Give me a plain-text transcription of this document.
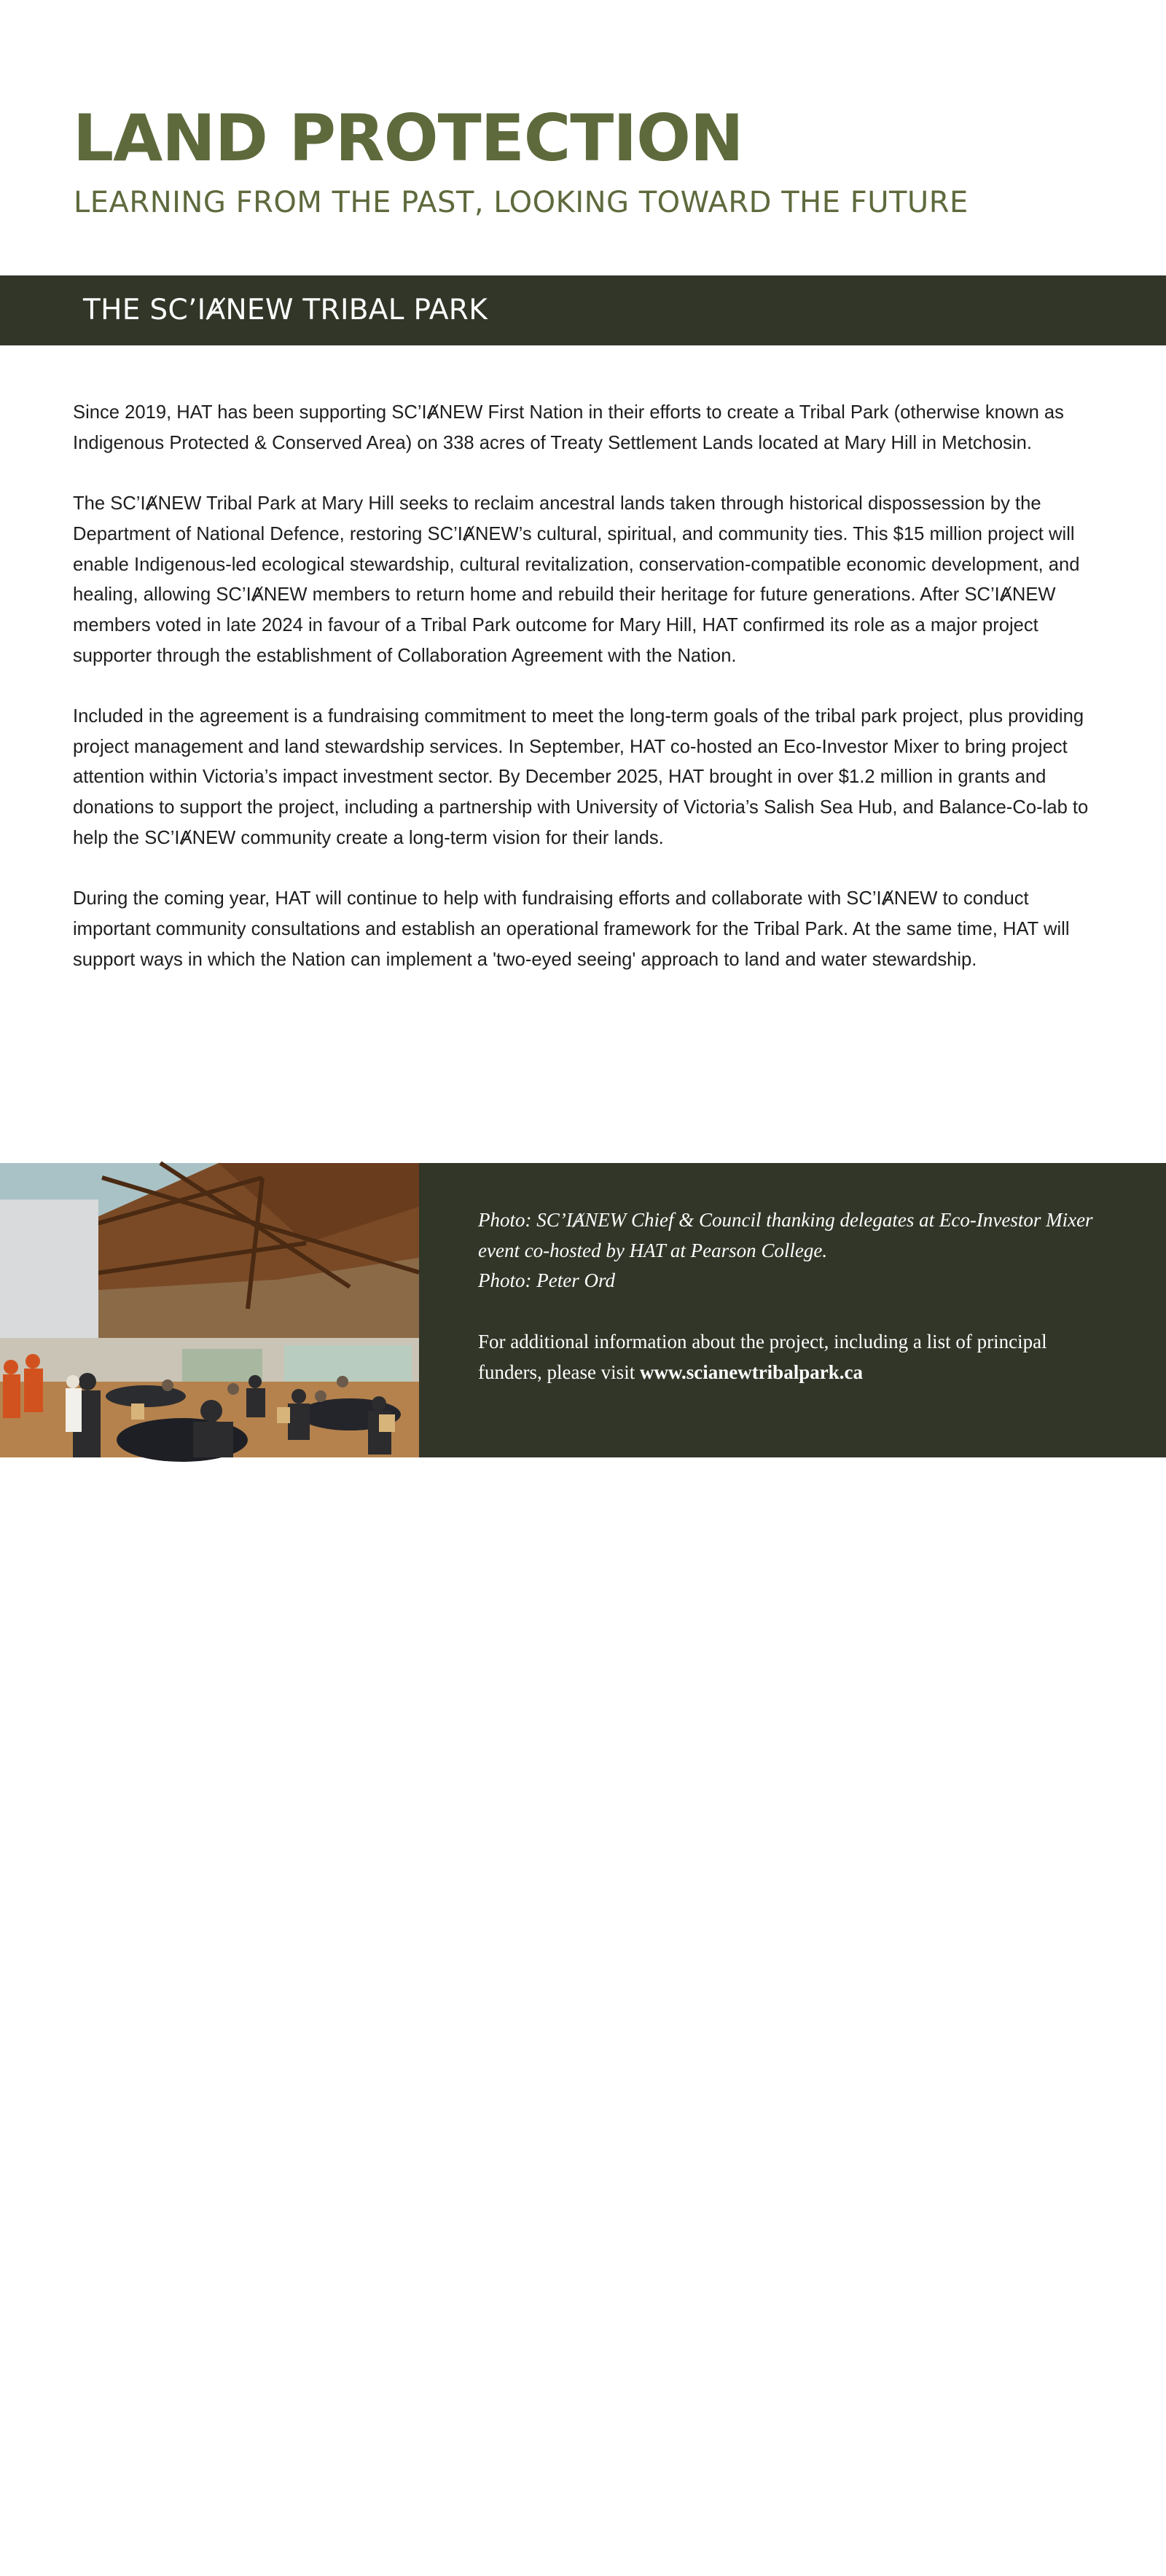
LAND PROTECTION
LEARNING FROM THE PAST, LOOKING TOWARD THE FUTURE
THE SC’IȺNEW TRIBAL PARK

Since 2019, HAT has been supporting SC’IȺNEW First Nation in their efforts to create a Tribal Park (otherwise known as Indigenous Protected & Conserved Area) on 338 acres of Treaty Settlement Lands located at Mary Hill in Metchosin.

The SC’IȺNEW Tribal Park at Mary Hill seeks to reclaim ancestral lands taken through historical dispossession by the Department of National Defence, restoring SC’IȺNEW’s cultural, spiritual, and community ties. This $15 million project will enable Indigenous-led ecological stewardship, cultural revitalization, conservation-compatible economic development, and healing, allowing SC’IȺNEW members to return home and rebuild their heritage for future generations. After SC’IȺNEW members voted in late 2024 in favour of a Tribal Park outcome for Mary Hill, HAT confirmed its role as a major project supporter through the establishment of Collaboration Agreement with the Nation.

Included in the agreement is a fundraising commitment to meet the long-term goals of the tribal park project, plus providing project management and land stewardship services. In September, HAT co-hosted an Eco-Investor Mixer to bring project attention within Victoria’s impact investment sector. By December 2025, HAT brought in over $1.2 million in grants and donations to support the project, including a partnership with University of Victoria’s Salish Sea Hub, and Balance-Co-lab to help the SC’IȺNEW community create a long-term vision for their lands.

During the coming year, HAT will continue to help with fundraising efforts and collaborate with SC’IȺNEW to conduct important community consultations and establish an operational framework for the Tribal Park. At the same time, HAT will support ways in which the Nation can implement a 'two-eyed seeing' approach to land and water stewardship.

8

Photo: SC’IȺNEW Chief & Council thanking delegates at Eco-Investor Mixer event co-hosted by HAT at Pearson College.

Photo: Peter Ord

For additional information about the project, including a list of principal funders, please visit www.scianewtribalpark.ca
